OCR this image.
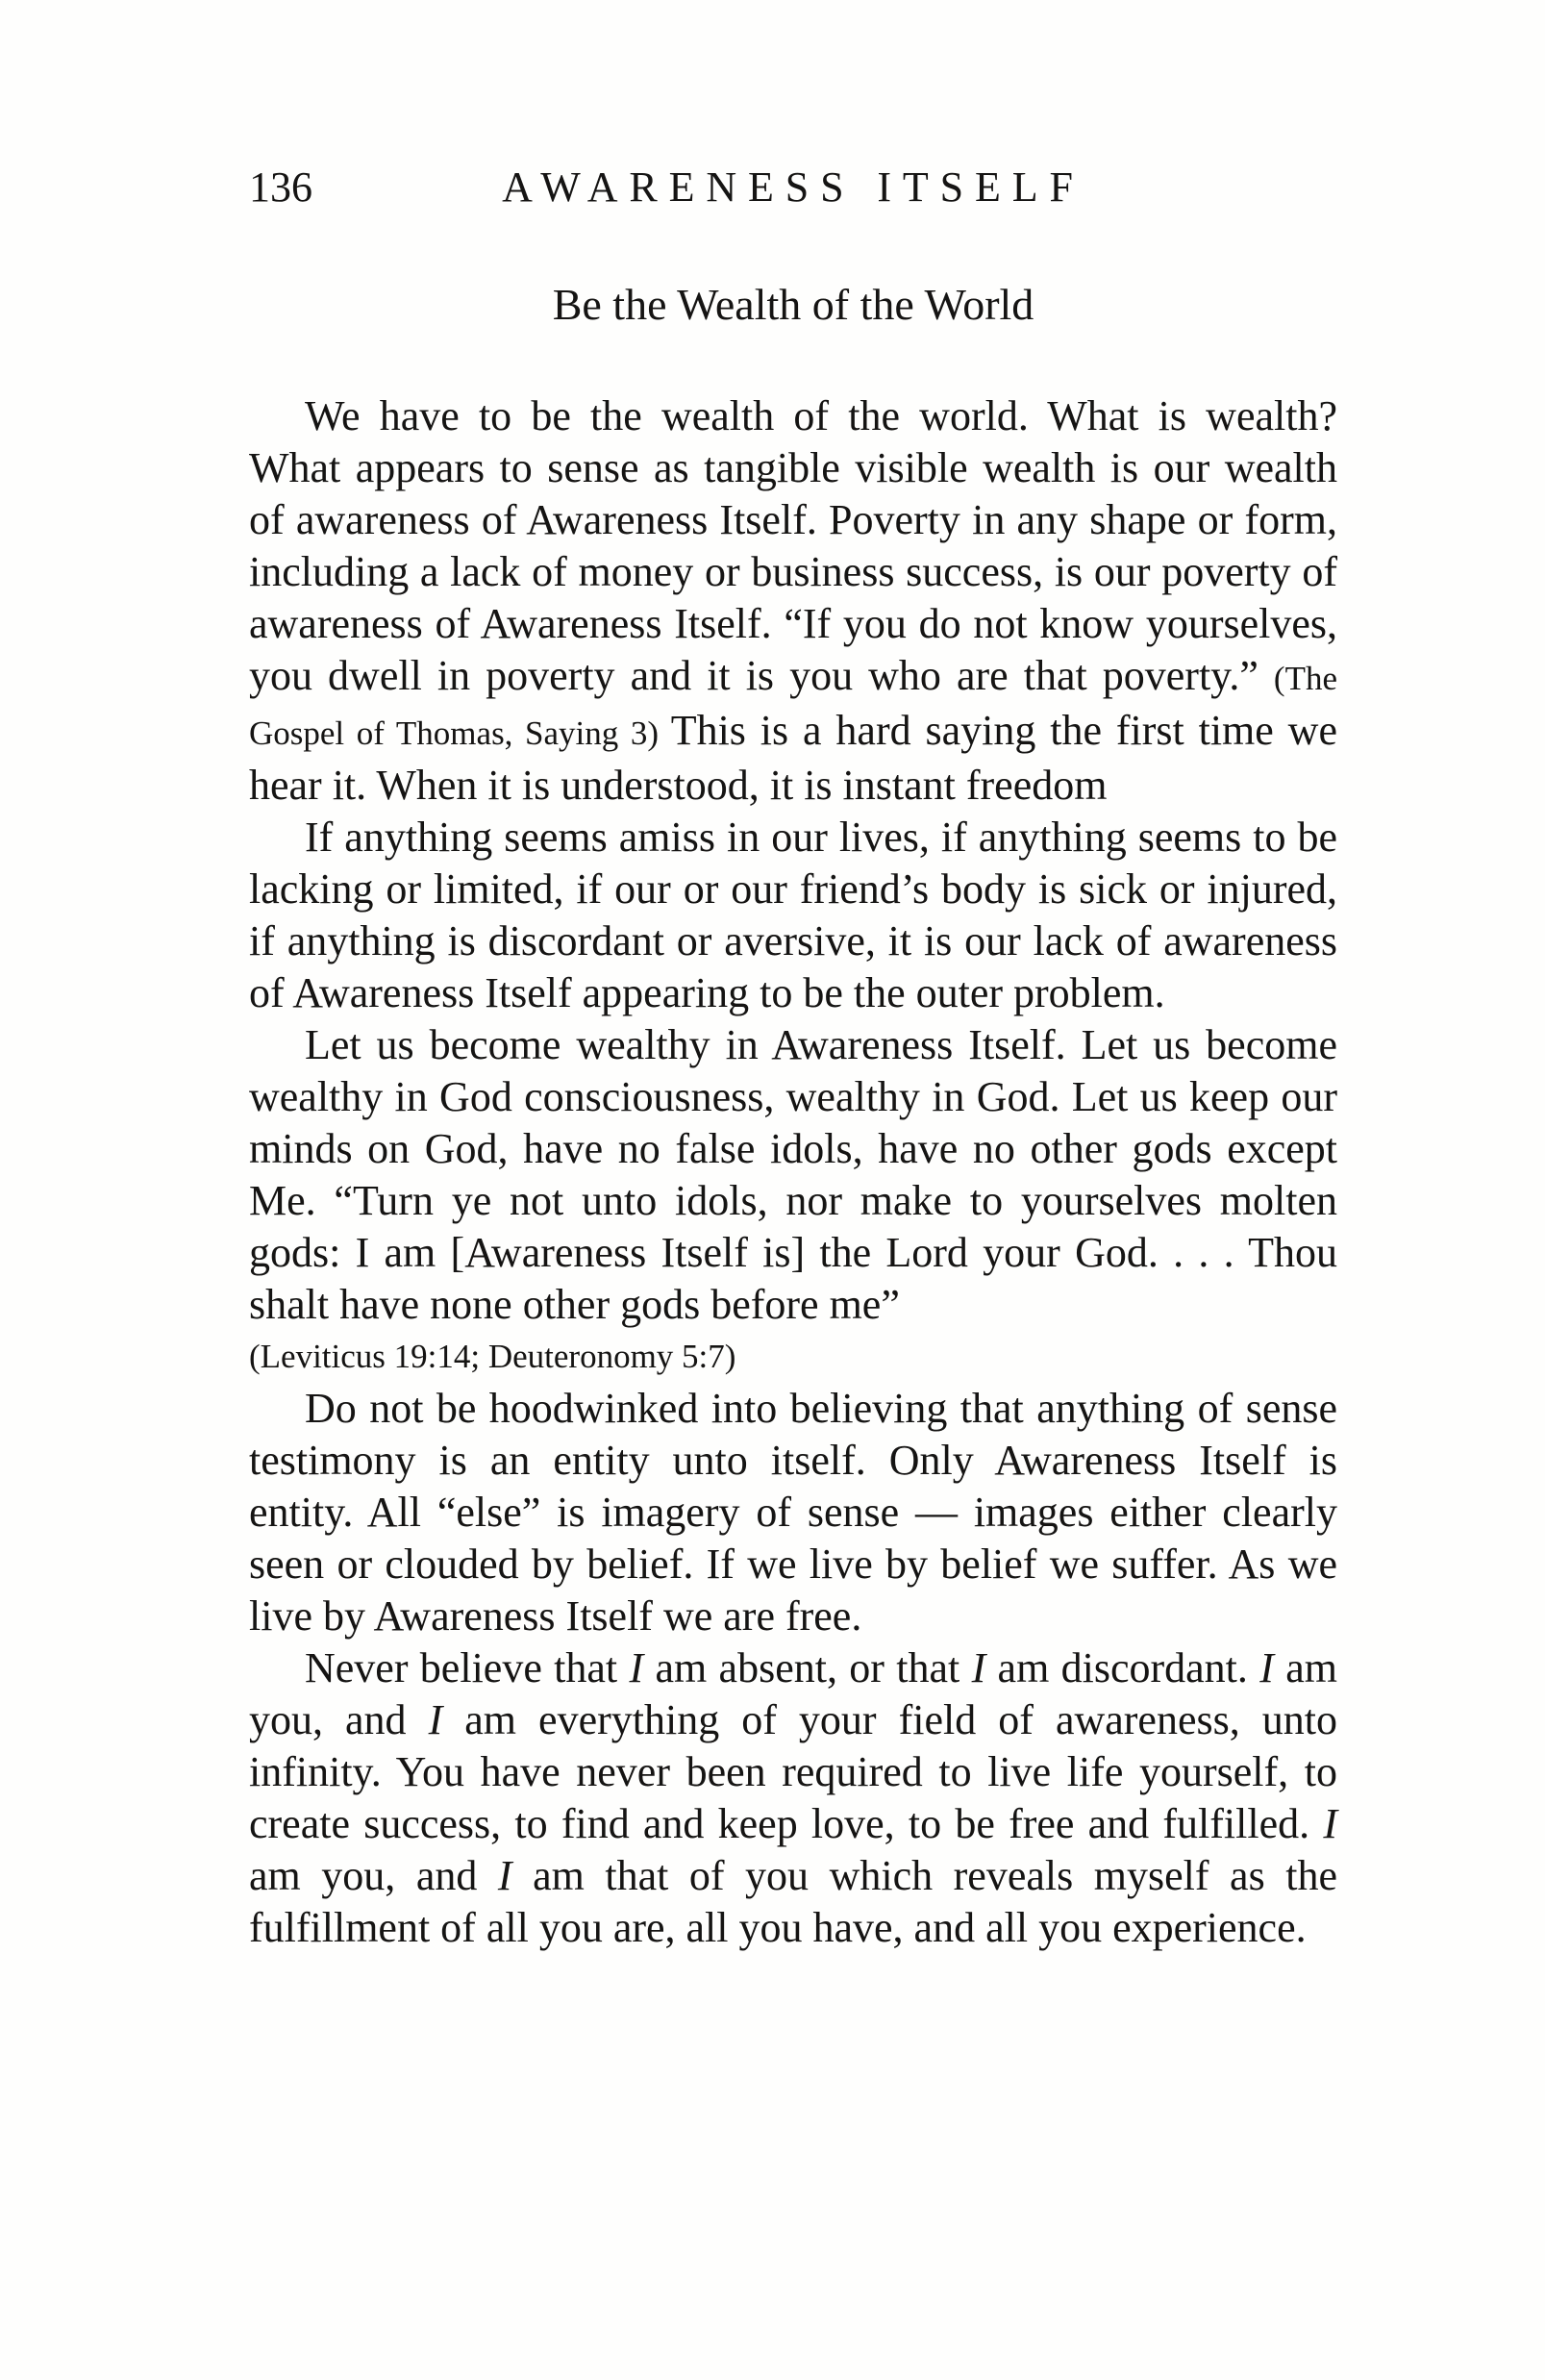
136	AWARENESS ITSELF
Be the Wealth of the World

We have to be the wealth of the world. What is wealth? What appears to sense as tangible visible wealth is our wealth of awareness of Awareness Itself. Poverty in any shape or form, including a lack of money or business success, is our poverty of awareness of Awareness Itself. “If you do not know yourselves, you dwell in poverty and it is you who are that poverty.” (The Gospel of Thomas, Saying 3) This is a hard saying the first time we hear it. When it is understood, it is instant freedom

If anything seems amiss in our lives, if anything seems to be lacking or limited, if our or our friend’s body is sick or injured, if anything is discordant or aversive, it is our lack of awareness of Awareness Itself appearing to be the outer problem.

Let us become wealthy in Awareness Itself. Let us become wealthy in God consciousness, wealthy in God. Let us keep our minds on God, have no false idols, have no other gods except Me. “Turn ye not unto idols, nor make to yourselves molten gods: I am [Awareness Itself is] the Lord your God. . . . Thou shalt have none other gods before me”

(Leviticus 19:14; Deuteronomy 5:7)

Do not be hoodwinked into believing that anything of sense testimony is an entity unto itself. Only Awareness Itself is entity. All “else” is imagery of sense — images either clearly seen or clouded by belief. If we live by belief we suffer. As we live by Awareness Itself we are free.

Never believe that I am absent, or that I am discordant. I am you, and I am everything of your field of awareness, unto infinity. You have never been required to live life yourself, to create success, to find and keep love, to be free and fulfilled. I am you, and I am that of you which reveals myself as the fulfillment of all you are, all you have, and all you experience.
